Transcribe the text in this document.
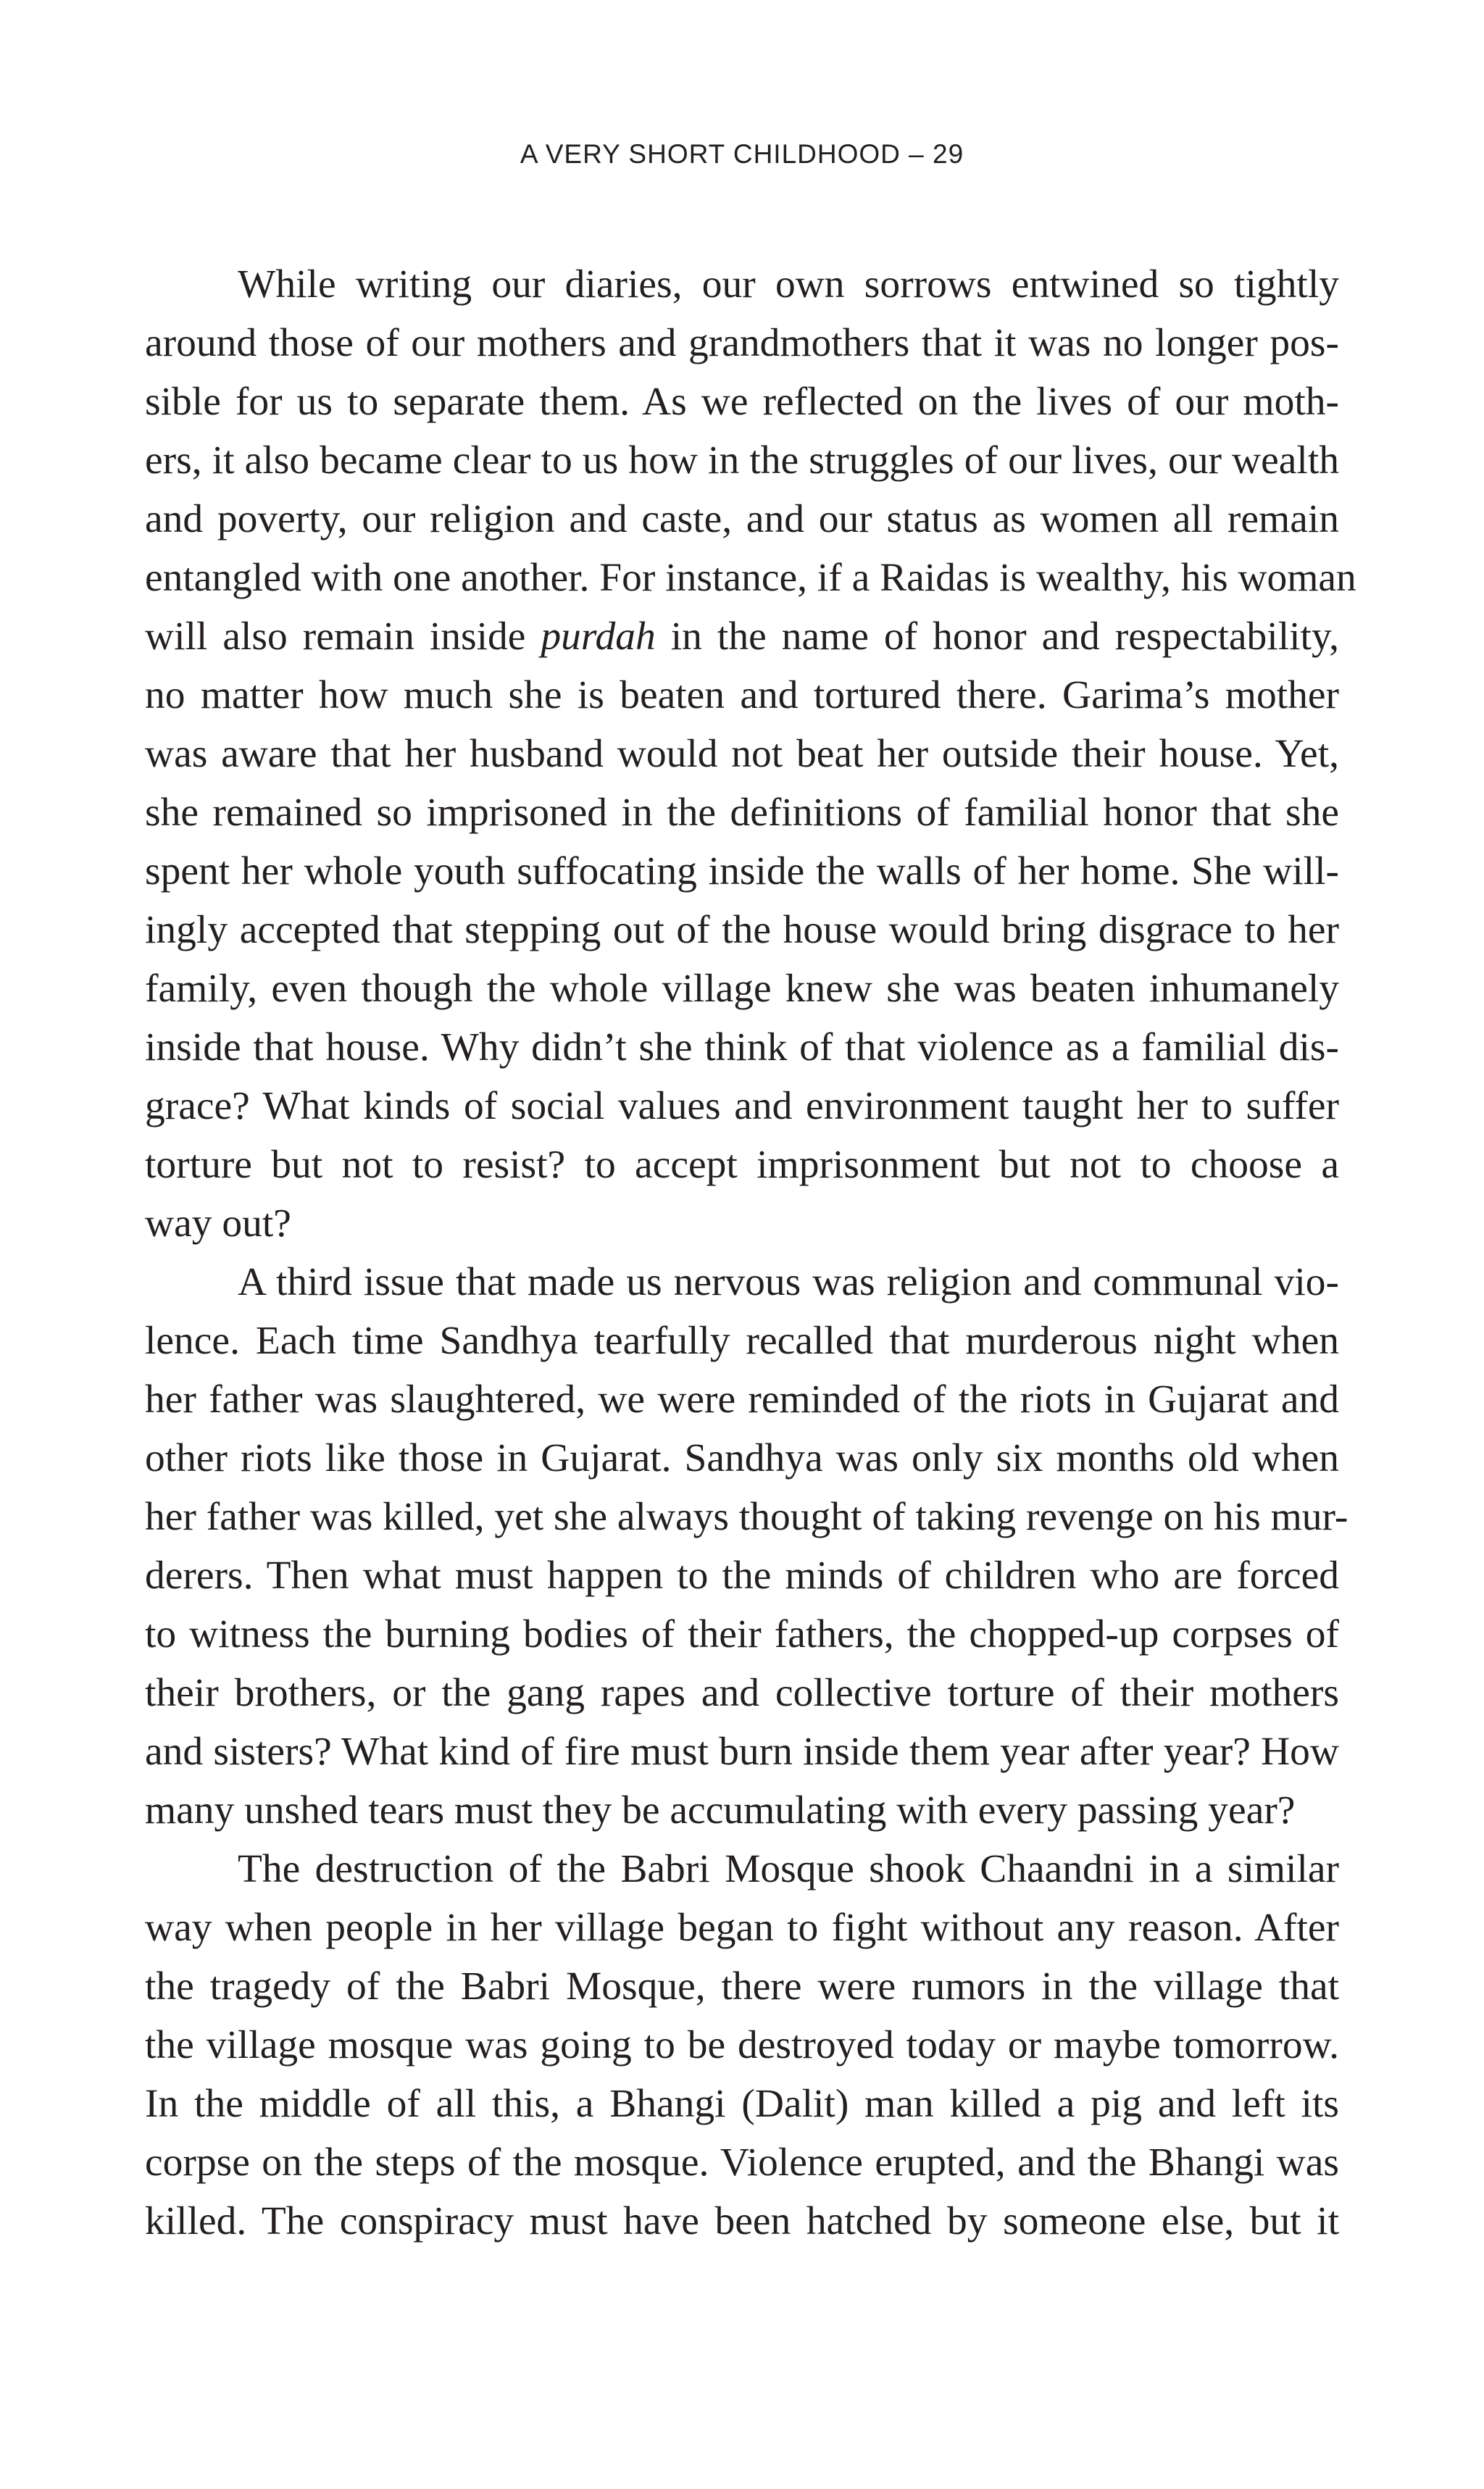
A VERY SHORT CHILDHOOD – 29
While writing our diaries, our own sorrows entwined so tightly
around those of our mothers and grandmothers that it was no longer pos-
sible for us to separate them. As we reflected on the lives of our moth-
ers, it also became clear to us how in the struggles of our lives, our wealth
and poverty, our religion and caste, and our status as women all remain
entangled with one another. For instance, if a Raidas is wealthy, his woman
will also remain inside purdah in the name of honor and respectability,
no matter how much she is beaten and tortured there. Garima’s mother
was aware that her husband would not beat her outside their house. Yet,
she remained so imprisoned in the definitions of familial honor that she
spent her whole youth suffocating inside the walls of her home. She will-
ingly accepted that stepping out of the house would bring disgrace to her
family, even though the whole village knew she was beaten inhumanely
inside that house. Why didn’t she think of that violence as a familial dis-
grace? What kinds of social values and environment taught her to suffer
torture but not to resist? to accept imprisonment but not to choose a
way out?
A third issue that made us nervous was religion and communal vio-
lence. Each time Sandhya tearfully recalled that murderous night when
her father was slaughtered, we were reminded of the riots in Gujarat and
other riots like those in Gujarat. Sandhya was only six months old when
her father was killed, yet she always thought of taking revenge on his mur-
derers. Then what must happen to the minds of children who are forced
to witness the burning bodies of their fathers, the chopped-up corpses of
their brothers, or the gang rapes and collective torture of their mothers
and sisters? What kind of fire must burn inside them year after year? How
many unshed tears must they be accumulating with every passing year?
The destruction of the Babri Mosque shook Chaandni in a similar
way when people in her village began to fight without any reason. After
the tragedy of the Babri Mosque, there were rumors in the village that
the village mosque was going to be destroyed today or maybe tomorrow.
In the middle of all this, a Bhangi (Dalit) man killed a pig and left its
corpse on the steps of the mosque. Violence erupted, and the Bhangi was
killed. The conspiracy must have been hatched by someone else, but it
